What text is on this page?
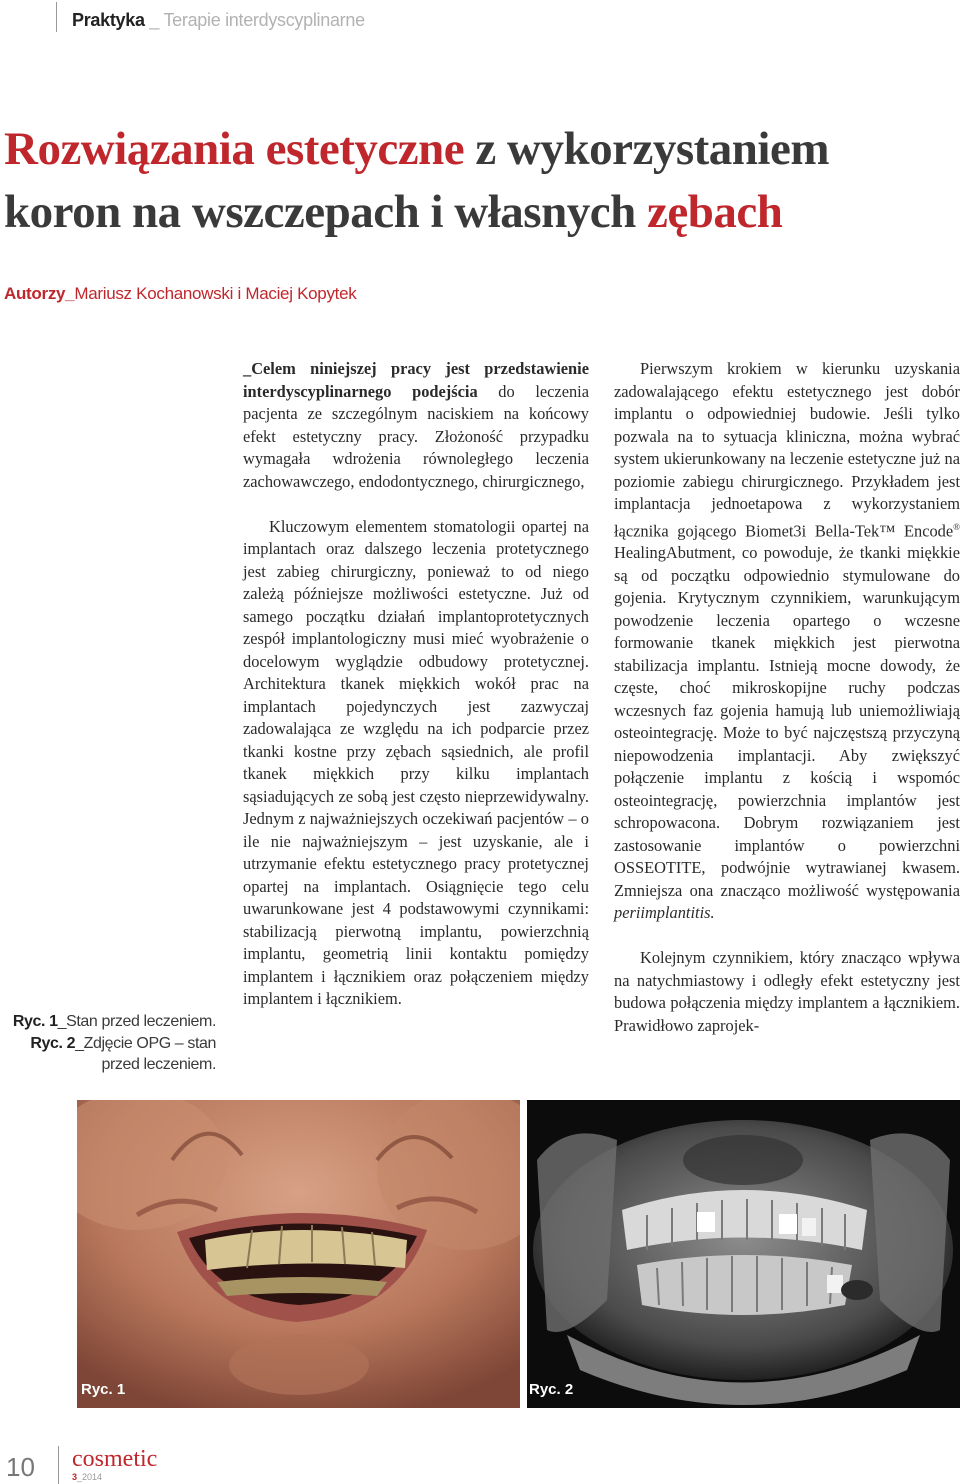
Praktyka _ Terapie interdyscyplinarne
Rozwiązania estetyczne z wykorzystaniem koron na wszczepach i własnych zębach
Autorzy_Mariusz Kochanowski i Maciej Kopytek
Ryc. 1_Stan przed leczeniem.
Ryc. 2_Zdjęcie OPG – stan
przed leczeniem.

_Celem niniejszej pracy jest przedstawienie interdyscyplinarnego podejścia do leczenia pacjenta ze szczególnym naciskiem na końcowy efekt estetyczny pracy. Złożoność przypadku wymagała wdrożenia równoległego leczenia zachowawczego, endodontycznego, chirurgicznego,

Kluczowym elementem stomatologii opartej na implantach oraz dalszego leczenia protetycznego jest zabieg chirurgiczny, ponieważ to od niego zależą późniejsze możliwości estetyczne. Już od samego początku działań implantoprotetycznych zespół implantologiczny musi mieć wyobrażenie o docelowym wyglądzie odbudowy protetycznej. Architektura tkanek miękkich wokół prac na implantach pojedynczych jest zazwyczaj zadowalająca ze względu na ich podparcie przez tkanki kostne przy zębach sąsiednich, ale profil tkanek miękkich przy kilku implantach sąsiadujących ze sobą jest często nieprzewidywalny. Jednym z najważniejszych oczekiwań pacjentów – o ile nie najważniejszym – jest uzyskanie, ale i utrzymanie efektu estetycznego pracy protetycznej opartej na implantach. Osiągnięcie tego celu uwarunkowane jest 4 podstawowymi czynnikami: stabilizacją pierwotną implantu, powierzchnią implantu, geometrią linii kontaktu pomiędzy implantem i łącznikiem oraz połączeniem między implantem i łącznikiem.

Pierwszym krokiem w kierunku uzyskania zadowalającego efektu estetycznego jest dobór implantu o odpowiedniej budowie. Jeśli tylko pozwala na to sytuacja kliniczna, można wybrać system ukierunkowany na leczenie estetyczne już na poziomie zabiegu chirurgicznego. Przykładem jest implantacja jednoetapowa z wykorzystaniem łącznika gojącego Biomet3i Bella-Tek™ Encode® HealingAbutment, co powoduje, że tkanki miękkie są od początku odpowiednio stymulowane do gojenia. Krytycznym czynnikiem, warunkującym powodzenie leczenia opartego o wczesne formowanie tkanek miękkich jest pierwotna stabilizacja implantu. Istnieją mocne dowody, że częste, choć mikroskopijne ruchy podczas wczesnych faz gojenia hamują lub uniemożliwiają osteointegrację. Może to być najczęstszą przyczyną niepowodzenia implantacji. Aby zwiększyć połączenie implantu z kością i wspomóc osteointegrację, powierzchnia implantów jest schropowacona. Dobrym rozwiązaniem jest zastosowanie implantów o powierzchni OSSEOTITE, podwójnie wytrawianej kwasem. Zmniejsza ona znacząco możliwość występowania periimplantitis.

Kolejnym czynnikiem, który znacząco wpływa na natychmiastowy i odległy efekt estetyczny jest budowa połączenia między implantem a łącznikiem. Prawidłowo zaprojek-

Ryc. 1	Ryc. 2
10 cosmetic
3_2014
